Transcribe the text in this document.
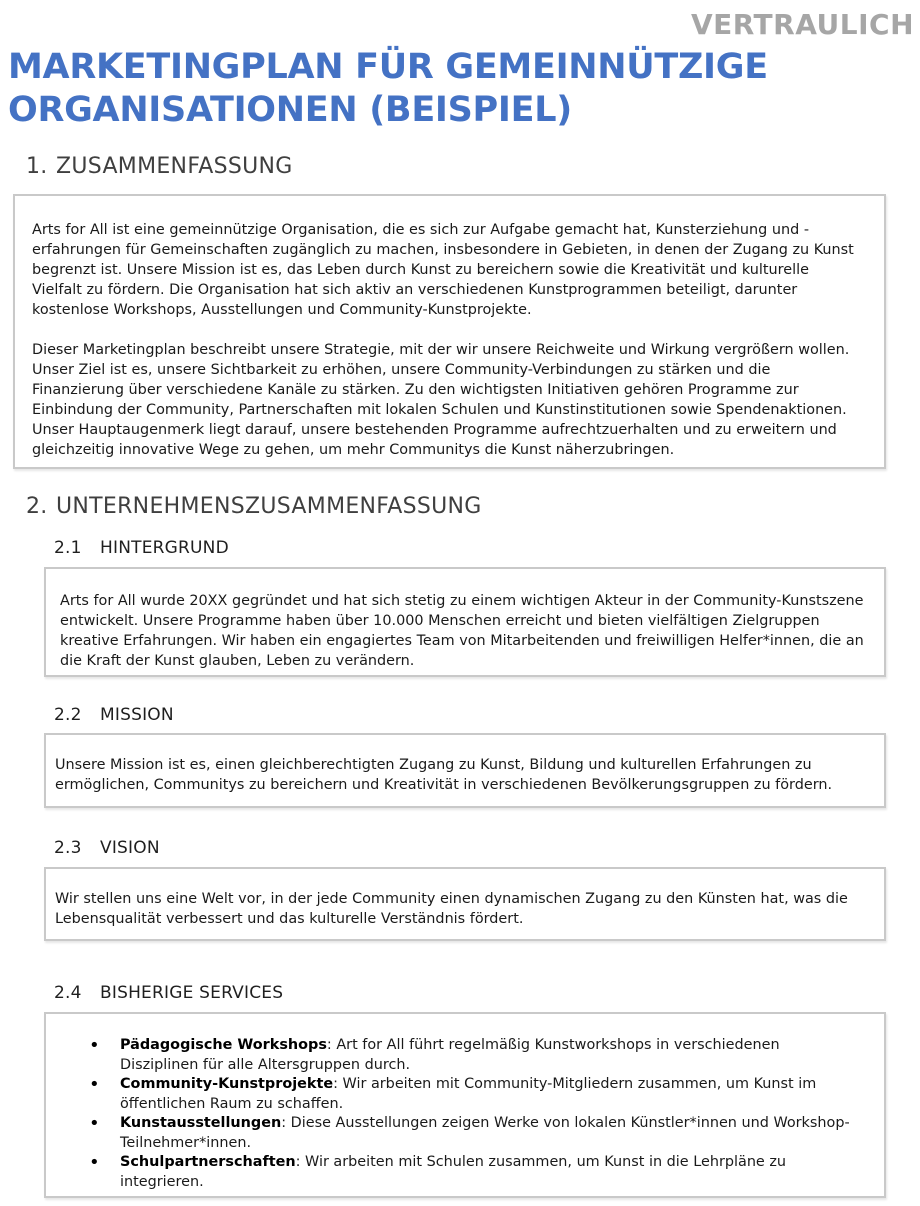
VERTRAULICH
MARKETINGPLAN FÜR GEMEINNÜTZIGE ORGANISATIONEN (BEISPIEL)
1. ZUSAMMENFASSUNG

Arts for All ist eine gemeinnützige Organisation, die es sich zur Aufgabe gemacht hat, Kunsterziehung und -erfahrungen für Gemeinschaften zugänglich zu machen, insbesondere in Gebieten, in denen der Zugang zu Kunst begrenzt ist. Unsere Mission ist es, das Leben durch Kunst zu bereichern sowie die Kreativität und kulturelle Vielfalt zu fördern. Die Organisation hat sich aktiv an verschiedenen Kunstprogrammen beteiligt, darunter kostenlose Workshops, Ausstellungen und Community-Kunstprojekte.

Dieser Marketingplan beschreibt unsere Strategie, mit der wir unsere Reichweite und Wirkung vergrößern wollen. Unser Ziel ist es, unsere Sichtbarkeit zu erhöhen, unsere Community-Verbindungen zu stärken und die Finanzierung über verschiedene Kanäle zu stärken. Zu den wichtigsten Initiativen gehören Programme zur Einbindung der Community, Partnerschaften mit lokalen Schulen und Kunstinstitutionen sowie Spendenaktionen. Unser Hauptaugenmerk liegt darauf, unsere bestehenden Programme aufrechtzuerhalten und zu erweitern und gleichzeitig innovative Wege zu gehen, um mehr Communitys die Kunst näherzubringen.

2. UNTERNEHMENSZUSAMMENFASSUNG
2.1 HINTERGRUND

Arts for All wurde 20XX gegründet und hat sich stetig zu einem wichtigen Akteur in der Community-Kunstszene entwickelt. Unsere Programme haben über 10.000 Menschen erreicht und bieten vielfältigen Zielgruppen kreative Erfahrungen. Wir haben ein engagiertes Team von Mitarbeitenden und freiwilligen Helfer*innen, die an die Kraft der Kunst glauben, Leben zu verändern.

2.2 MISSION

Unsere Mission ist es, einen gleichberechtigten Zugang zu Kunst, Bildung und kulturellen Erfahrungen zu ermöglichen, Communitys zu bereichern und Kreativität in verschiedenen Bevölkerungsgruppen zu fördern.

2.3 VISION

Wir stellen uns eine Welt vor, in der jede Community einen dynamischen Zugang zu den Künsten hat, was die Lebensqualität verbessert und das kulturelle Verständnis fördert.

2.4 BISHERIGE SERVICES
• Pädagogische Workshops: Art for All führt regelmäßig Kunstworkshops in verschiedenen Disziplinen für alle Altersgruppen durch.
• Community-Kunstprojekte: Wir arbeiten mit Community-Mitgliedern zusammen, um Kunst im öffentlichen Raum zu schaffen.
• Kunstausstellungen: Diese Ausstellungen zeigen Werke von lokalen Künstler*innen und Workshop-Teilnehmer*innen.
• Schulpartnerschaften: Wir arbeiten mit Schulen zusammen, um Kunst in die Lehrpläne zu integrieren.
